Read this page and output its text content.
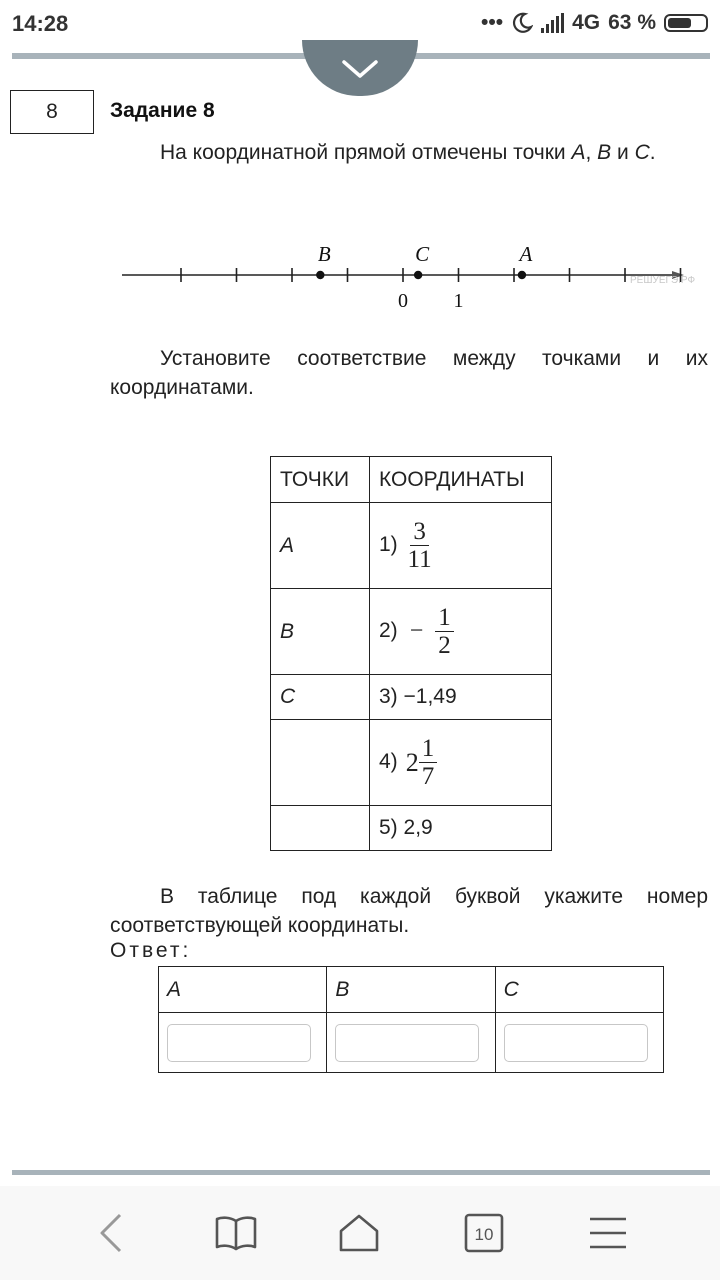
14:28	•••	4G 63 %
8	Задание 8
На координатной прямой отмечены точки A, B и C.
B	C	A
0 1
РЕШУЕГЭ.РФ
Установите соответствие между точками и их координатами.
ТОЧКИ	КООРДИНАТЫ
A	$1) \frac{3}{11}$

B	$2) - \frac{1}{2}$

C	3) −1,49
	4) $2 \frac{1}{7}$

	5) 2,9
В таблице под каждой буквой укажите номер соответствующей координаты.
Ответ:
A	B	C

10
